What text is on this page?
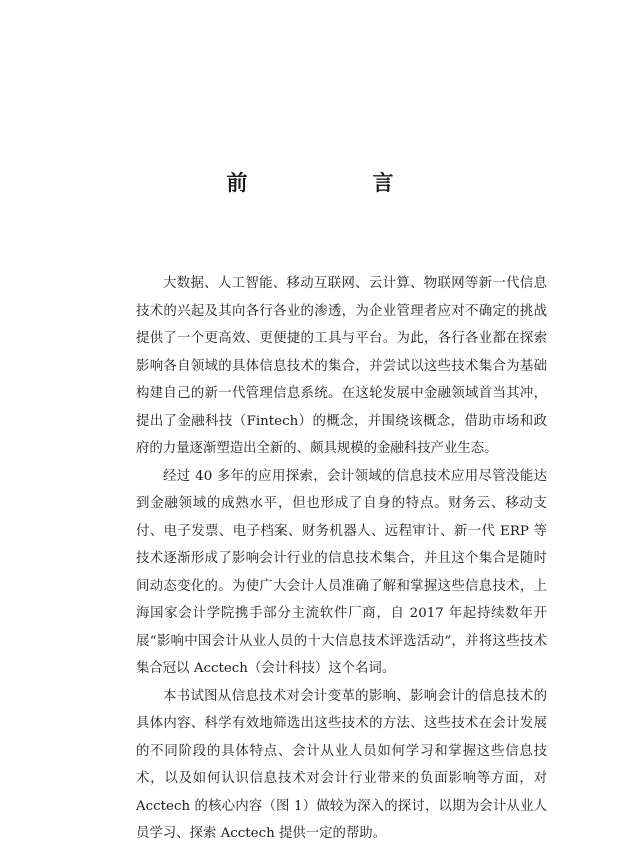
前　言

大数据、人工智能、移动互联网、云计算、物联网等新一代信息技术的兴起及其向各行各业的渗透，为企业管理者应对不确定的挑战提供了一个更高效、更便捷的工具与平台。为此，各行各业都在探索影响各自领域的具体信息技术的集合，并尝试以这些技术集合为基础构建自己的新一代管理信息系统。在这轮发展中金融领域首当其冲，提出了金融科技（Fintech）的概念，并围绕该概念，借助市场和政府的力量逐渐塑造出全新的、颇具规模的金融科技产业生态。

经过 40 多年的应用探索，会计领域的信息技术应用尽管没能达到金融领域的成熟水平，但也形成了自身的特点。财务云、移动支付、电子发票、电子档案、财务机器人、远程审计、新一代 ERP 等技术逐渐形成了影响会计行业的信息技术集合，并且这个集合是随时间动态变化的。为使广大会计人员准确了解和掌握这些信息技术，上海国家会计学院携手部分主流软件厂商，自 2017 年起持续数年开展“影响中国会计从业人员的十大信息技术评选活动”，并将这些技术集合冠以 Acctech（会计科技）这个名词。

本书试图从信息技术对会计变革的影响、影响会计的信息技术的具体内容、科学有效地筛选出这些技术的方法、这些技术在会计发展的不同阶段的具体特点、会计从业人员如何学习和掌握这些信息技术，以及如何认识信息技术对会计行业带来的负面影响等方面，对 Acctech 的核心内容（图 1）做较为深入的探讨，以期为会计从业人员学习、探索 Acctech 提供一定的帮助。
